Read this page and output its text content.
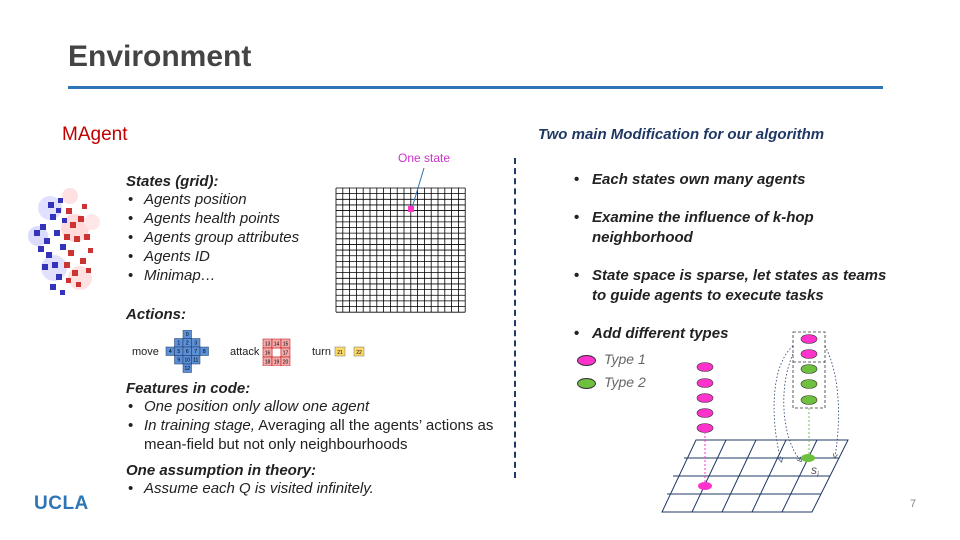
Environment
MAgent
States (grid):
• Agents position
• Agents health points
• Agents group attributes
• Agents ID
• Minimap…
One state
Actions:
move
0
1 2 3
4 5 6 7 8
9 10 11
12
attack
13 14 15
16 17
18 19 20
turn 21	22
Features in code:
• One position only allow one agent
• In training stage, Averaging all the agents’ actions as mean-field but not only neighbourhoods
One assumption in theory:
• Assume each Q is visited infinitely.
Two main Modification for our algorithm
• Each states own many agents
• Examine the influence of k-hop neighborhood
• State space is sparse, let states as teams to guide agents to execute tasks
• Add different types
Type 1
Type 2
$s_i$
UCLA	7
